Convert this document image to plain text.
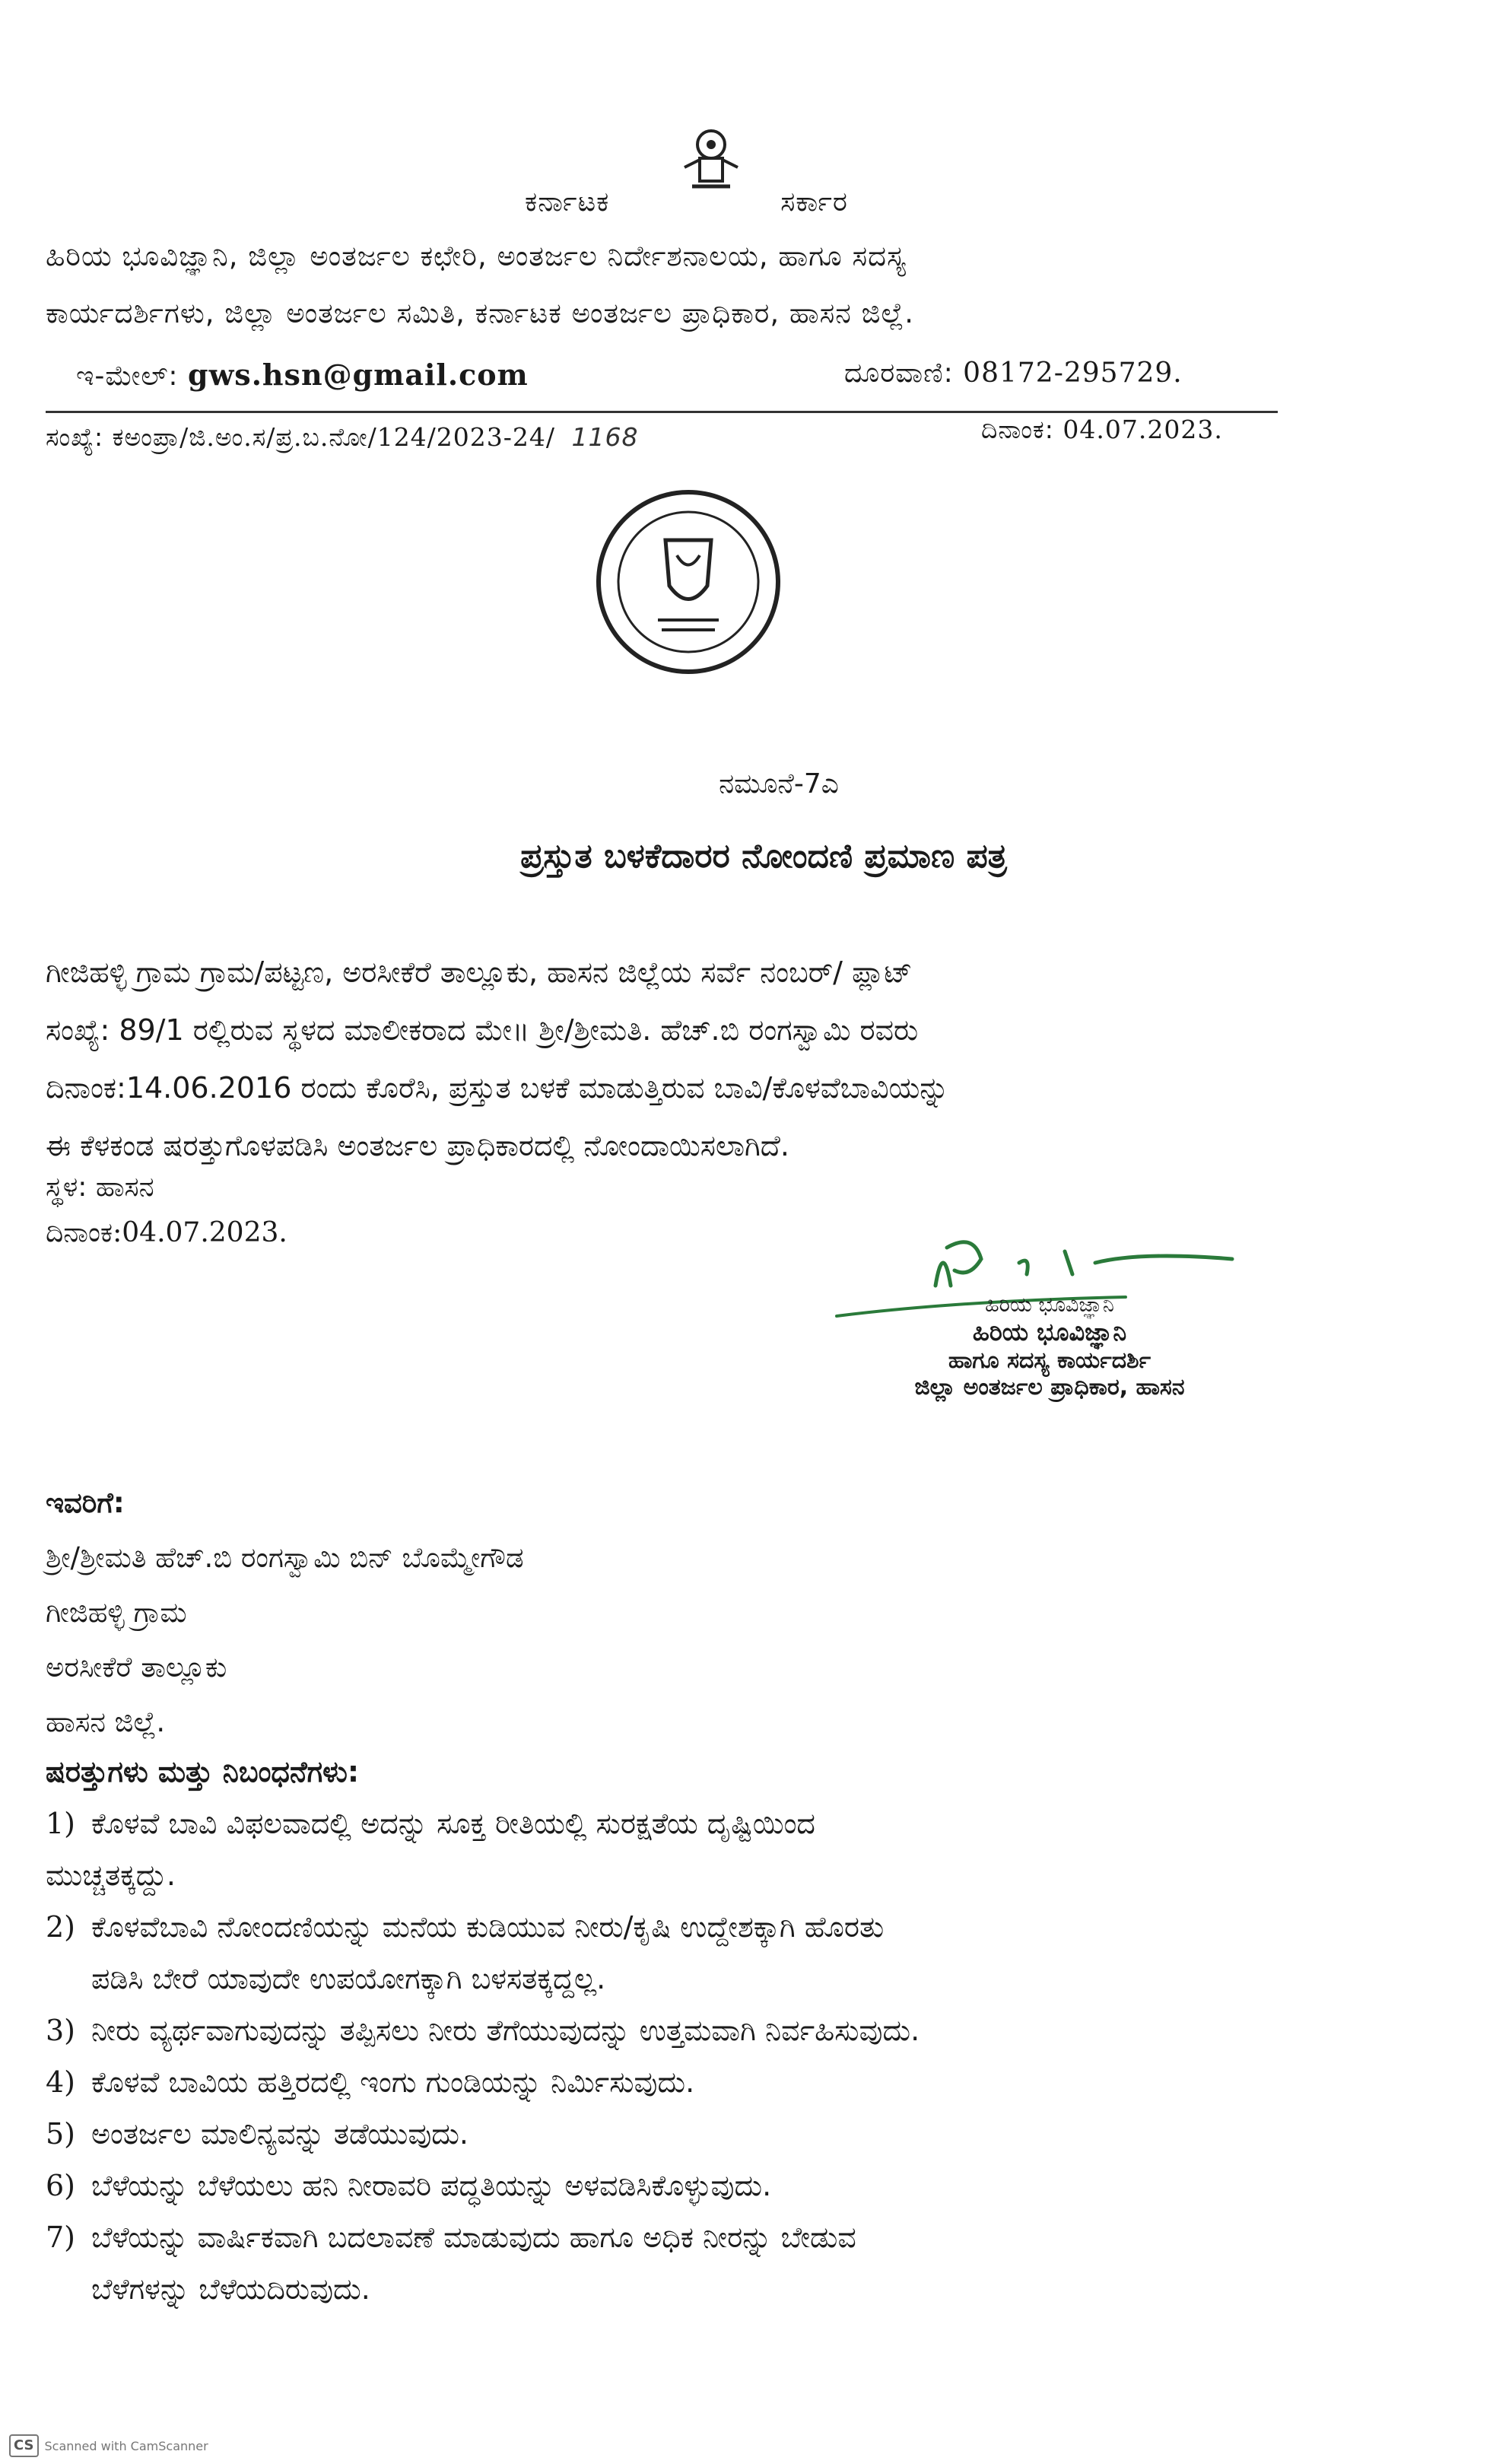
ಕರ್ನಾಟಕ	ಸರ್ಕಾರ
ಹಿರಿಯ ಭೂವಿಜ್ಞಾನಿ, ಜಿಲ್ಲಾ ಅಂತರ್ಜಲ ಕಛೇರಿ, ಅಂತರ್ಜಲ ನಿರ್ದೇಶನಾಲಯ, ಹಾಗೂ ಸದಸ್ಯ
ಕಾರ್ಯದರ್ಶಿಗಳು, ಜಿಲ್ಲಾ ಅಂತರ್ಜಲ ಸಮಿತಿ, ಕರ್ನಾಟಕ ಅಂತರ್ಜಲ ಪ್ರಾಧಿಕಾರ, ಹಾಸನ ಜಿಲ್ಲೆ.
ಇ-ಮೇಲ್: gws.hsn@gmail.com	ದೂರವಾಣಿ: 08172-295729.
ಸಂಖ್ಯೆ: ಕಅಂಪ್ರಾ/ಜಿ.ಅಂ.ಸ/ಪ್ರ.ಬ.ನೋ/124/2023-24/ 1168	ದಿನಾಂಕ: 04.07.2023.
ನಮೂನೆ-7ಎ
ಪ್ರಸ್ತುತ ಬಳಕೆದಾರರ ನೋಂದಣಿ ಪ್ರಮಾಣ ಪತ್ರ
ಗೀಜಿಹಳ್ಳಿ ಗ್ರಾಮ ಗ್ರಾಮ/ಪಟ್ಟಣ, ಅರಸೀಕೆರೆ ತಾಲ್ಲೂಕು, ಹಾಸನ ಜಿಲ್ಲೆಯ ಸರ್ವೆ ನಂಬರ್/ ಪ್ಲಾಟ್
ಸಂಖ್ಯೆ: 89/1 ರಲ್ಲಿರುವ ಸ್ಥಳದ ಮಾಲೀಕರಾದ ಮೇ॥ ಶ್ರೀ/ಶ್ರೀಮತಿ. ಹೆಚ್.ಬಿ ರಂಗಸ್ವಾಮಿ ರವರು
ದಿನಾಂಕ:14.06.2016 ರಂದು ಕೊರೆಸಿ, ಪ್ರಸ್ತುತ ಬಳಕೆ ಮಾಡುತ್ತಿರುವ ಬಾವಿ/ಕೊಳವೆಬಾವಿಯನ್ನು
ಈ ಕೆಳಕಂಡ ಷರತ್ತುಗೊಳಪಡಿಸಿ ಅಂತರ್ಜಲ ಪ್ರಾಧಿಕಾರದಲ್ಲಿ ನೋಂದಾಯಿಸಲಾಗಿದೆ.
ಸ್ಥಳ: ಹಾಸನ
ದಿನಾಂಕ:04.07.2023.
ಹಿರಿಯ ಭೂವಿಜ್ಞಾನಿ
ಹಿರಿಯ ಭೂವಿಜ್ಞಾನಿ
ಹಾಗೂ ಸದಸ್ಯ ಕಾರ್ಯದರ್ಶಿ
ಜಿಲ್ಲಾ ಅಂತರ್ಜಲ ಪ್ರಾಧಿಕಾರ, ಹಾಸನ
ಇವರಿಗೆ:
ಶ್ರೀ/ಶ್ರೀಮತಿ ಹೆಚ್.ಬಿ ರಂಗಸ್ವಾಮಿ ಬಿನ್ ಬೊಮ್ಮೇಗೌಡ
ಗೀಜಿಹಳ್ಳಿ ಗ್ರಾಮ
ಅರಸೀಕೆರೆ ತಾಲ್ಲೂಕು
ಹಾಸನ ಜಿಲ್ಲೆ.
ಷರತ್ತುಗಳು ಮತ್ತು ನಿಬಂಧನೆಗಳು:
1) ಕೊಳವೆ ಬಾವಿ ವಿಫಲವಾದಲ್ಲಿ ಅದನ್ನು ಸೂಕ್ತ ರೀತಿಯಲ್ಲಿ ಸುರಕ್ಷತೆಯ ದೃಷ್ಟಿಯಿಂದ
ಮುಚ್ಚತಕ್ಕದ್ದು.
2) ಕೊಳವೆಬಾವಿ ನೋಂದಣಿಯನ್ನು ಮನೆಯ ಕುಡಿಯುವ ನೀರು/ಕೃಷಿ ಉದ್ದೇಶಕ್ಕಾಗಿ ಹೊರತು
ಪಡಿಸಿ ಬೇರೆ ಯಾವುದೇ ಉಪಯೋಗಕ್ಕಾಗಿ ಬಳಸತಕ್ಕದ್ದಲ್ಲ.
3) ನೀರು ವ್ಯರ್ಥವಾಗುವುದನ್ನು ತಪ್ಪಿಸಲು ನೀರು ತೆಗೆಯುವುದನ್ನು ಉತ್ತಮವಾಗಿ ನಿರ್ವಹಿಸುವುದು.
4) ಕೊಳವೆ ಬಾವಿಯ ಹತ್ತಿರದಲ್ಲಿ ಇಂಗು ಗುಂಡಿಯನ್ನು ನಿರ್ಮಿಸುವುದು.
5) ಅಂತರ್ಜಲ ಮಾಲಿನ್ಯವನ್ನು ತಡೆಯುವುದು.
6) ಬೆಳೆಯನ್ನು ಬೆಳೆಯಲು ಹನಿ ನೀರಾವರಿ ಪದ್ಧತಿಯನ್ನು ಅಳವಡಿಸಿಕೊಳ್ಳುವುದು.
7) ಬೆಳೆಯನ್ನು ವಾರ್ಷಿಕವಾಗಿ ಬದಲಾವಣೆ ಮಾಡುವುದು ಹಾಗೂ ಅಧಿಕ ನೀರನ್ನು ಬೇಡುವ
ಬೆಳೆಗಳನ್ನು ಬೆಳೆಯದಿರುವುದು.
CS Scanned with CamScanner
